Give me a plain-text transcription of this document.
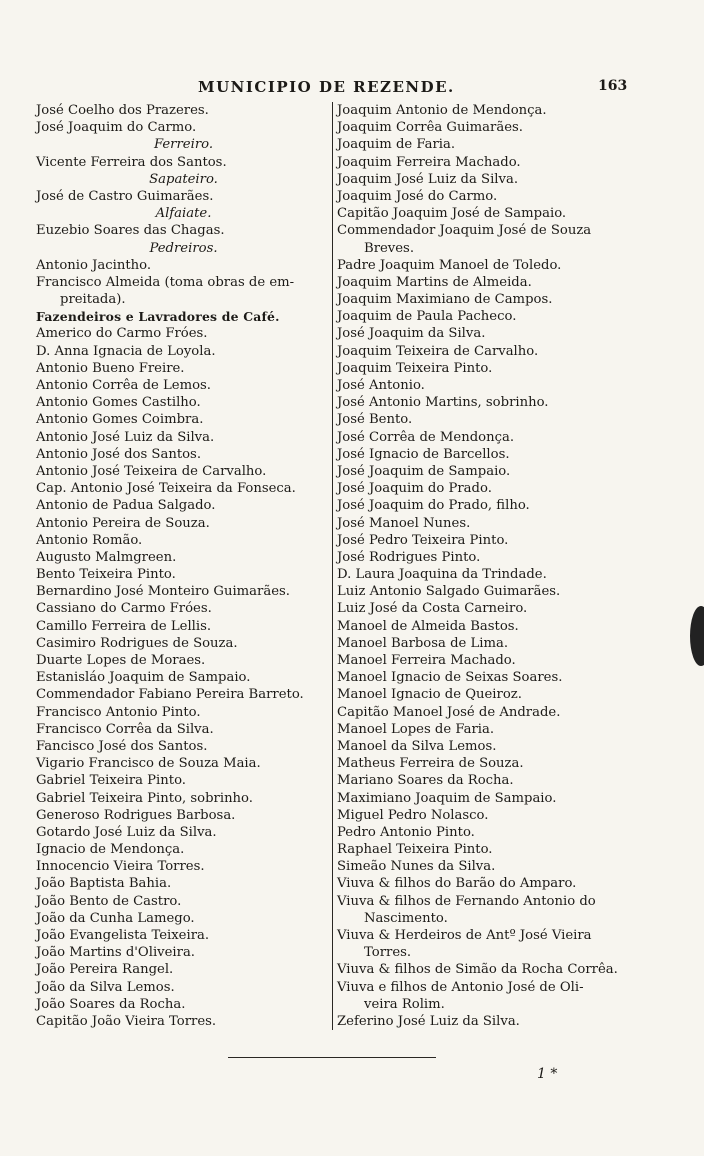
MUNICIPIO DE REZENDE.	163
José Coelho dos Prazeres.
José Joaquim do Carmo.
Ferreiro.
Vicente Ferreira dos Santos.
Sapateiro.
José de Castro Guimarães.
Alfaiate.
Euzebio Soares das Chagas.
Pedreiros.
Antonio Jacintho.
Francisco Almeida (toma obras de em-
preitada).
Fazendeiros e Lavradores de Café.
Americo do Carmo Fróes.
D. Anna Ignacia de Loyola.
Antonio Bueno Freire.
Antonio Corrêa de Lemos.
Antonio Gomes Castilho.
Antonio Gomes Coimbra.
Antonio José Luiz da Silva.
Antonio José dos Santos.
Antonio José Teixeira de Carvalho.
Cap. Antonio José Teixeira da Fonseca.
Antonio de Padua Salgado.
Antonio Pereira de Souza.
Antonio Romão.
Augusto Malmgreen.
Bento Teixeira Pinto.
Bernardino José Monteiro Guimarães.
Cassiano do Carmo Fróes.
Camillo Ferreira de Lellis.
Casimiro Rodrigues de Souza.
Duarte Lopes de Moraes.
Estanisláo Joaquim de Sampaio.
Commendador Fabiano Pereira Barreto.
Francisco Antonio Pinto.
Francisco Corrêa da Silva.
Fancisco José dos Santos.
Vigario Francisco de Souza Maia.
Gabriel Teixeira Pinto.
Gabriel Teixeira Pinto, sobrinho.
Generoso Rodrigues Barbosa.
Gotardo José Luiz da Silva.
Ignacio de Mendonça.
Innocencio Vieira Torres.
João Baptista Bahia.
João Bento de Castro.
João da Cunha Lamego.
João Evangelista Teixeira.
João Martins d'Oliveira.
João Pereira Rangel.
João da Silva Lemos.
João Soares da Rocha.
Capitão João Vieira Torres.
Joaquim Antonio de Mendonça.
Joaquim Corrêa Guimarães.
Joaquim de Faria.
Joaquim Ferreira Machado.
Joaquim José Luiz da Silva.
Joaquim José do Carmo.
Capitão Joaquim José de Sampaio.
Commendador Joaquim José de Souza
Breves.
Padre Joaquim Manoel de Toledo.
Joaquim Martins de Almeida.
Joaquim Maximiano de Campos.
Joaquim de Paula Pacheco.
José Joaquim da Silva.
Joaquim Teixeira de Carvalho.
Joaquim Teixeira Pinto.
José Antonio.
José Antonio Martins, sobrinho.
José Bento.
José Corrêa de Mendonça.
José Ignacio de Barcellos.
José Joaquim de Sampaio.
José Joaquim do Prado.
José Joaquim do Prado, filho.
José Manoel Nunes.
José Pedro Teixeira Pinto.
José Rodrigues Pinto.
D. Laura Joaquina da Trindade.
Luiz Antonio Salgado Guimarães.
Luiz José da Costa Carneiro.
Manoel de Almeida Bastos.
Manoel Barbosa de Lima.
Manoel Ferreira Machado.
Manoel Ignacio de Seixas Soares.
Manoel Ignacio de Queiroz.
Capitão Manoel José de Andrade.
Manoel Lopes de Faria.
Manoel da Silva Lemos.
Matheus Ferreira de Souza.
Mariano Soares da Rocha.
Maximiano Joaquim de Sampaio.
Miguel Pedro Nolasco.
Pedro Antonio Pinto.
Raphael Teixeira Pinto.
Simeão Nunes da Silva.
Viuva & filhos do Barão do Amparo.
Viuva & filhos de Fernando Antonio do
Nascimento.
Viuva & Herdeiros de Antº José Vieira
Torres.
Viuva & filhos de Simão da Rocha Corrêa.
Viuva e filhos de Antonio José de Oli-
veira Rolim.
Zeferino José Luiz da Silva.
1 *
